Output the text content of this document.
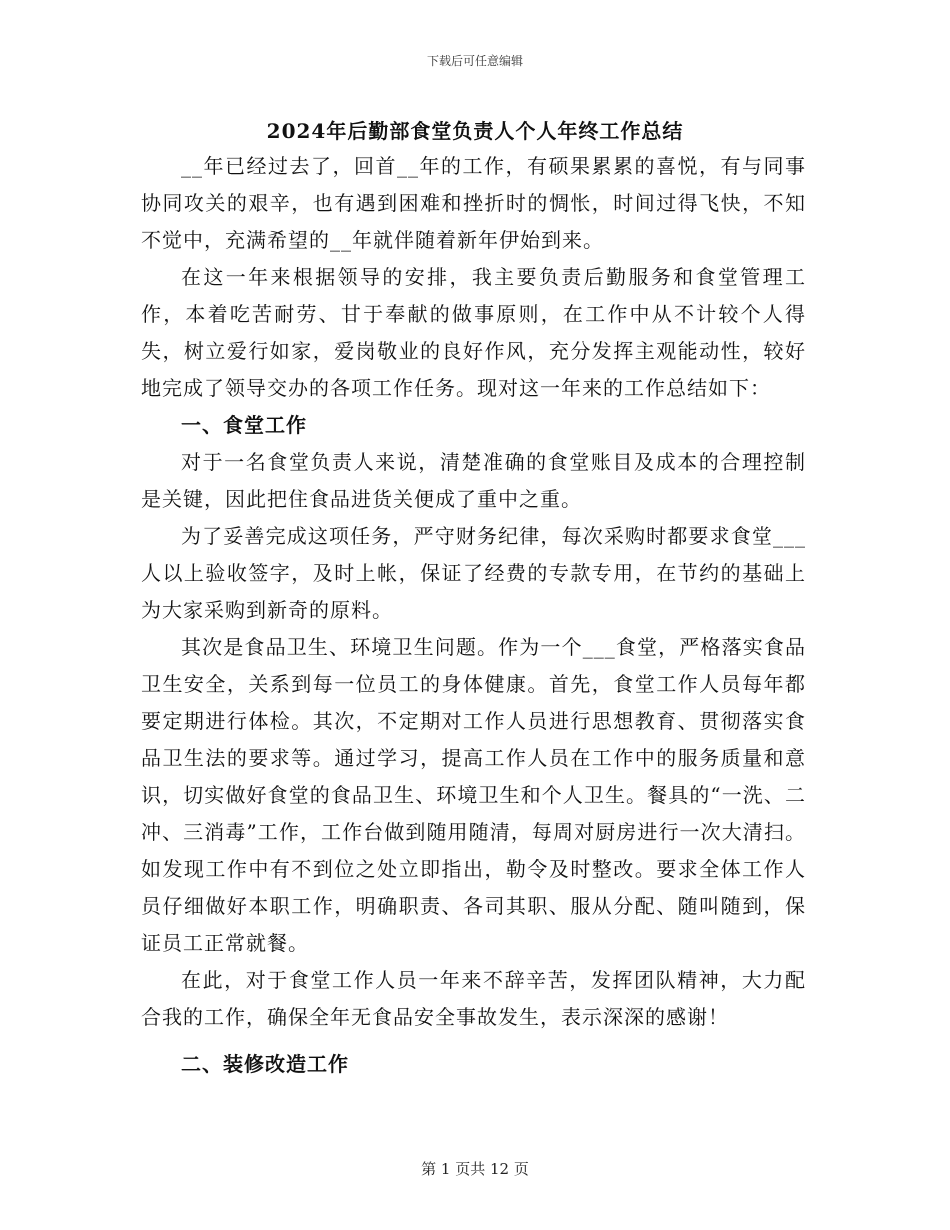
下载后可任意编辑
2024年后勤部食堂负责人个人年终工作总结

__年已经过去了，回首__年的工作，有硕果累累的喜悦，有与同事协同攻关的艰辛，也有遇到困难和挫折时的惆怅，时间过得飞快，不知不觉中，充满希望的__年就伴随着新年伊始到来。

在这一年来根据领导的安排，我主要负责后勤服务和食堂管理工作，本着吃苦耐劳、甘于奉献的做事原则，在工作中从不计较个人得失，树立爱行如家，爱岗敬业的良好作风，充分发挥主观能动性，较好地完成了领导交办的各项工作任务。现对这一年来的工作总结如下：

一、食堂工作

对于一名食堂负责人来说，清楚准确的食堂账目及成本的合理控制是关键，因此把住食品进货关便成了重中之重。

为了妥善完成这项任务，严守财务纪律，每次采购时都要求食堂___人以上验收签字，及时上帐，保证了经费的专款专用，在节约的基础上为大家采购到新奇的原料。

其次是食品卫生、环境卫生问题。作为一个___食堂，严格落实食品卫生安全，关系到每一位员工的身体健康。首先，食堂工作人员每年都要定期进行体检。其次，不定期对工作人员进行思想教育、贯彻落实食品卫生法的要求等。通过学习，提高工作人员在工作中的服务质量和意识，切实做好食堂的食品卫生、环境卫生和个人卫生。餐具的“一洗、二冲、三消毒”工作，工作台做到随用随清，每周对厨房进行一次大清扫。如发现工作中有不到位之处立即指出，勒令及时整改。要求全体工作人员仔细做好本职工作，明确职责、各司其职、服从分配、随叫随到，保证员工正常就餐。

在此，对于食堂工作人员一年来不辞辛苦，发挥团队精神，大力配合我的工作，确保全年无食品安全事故发生，表示深深的感谢！

二、装修改造工作
第 1 页共 12 页
